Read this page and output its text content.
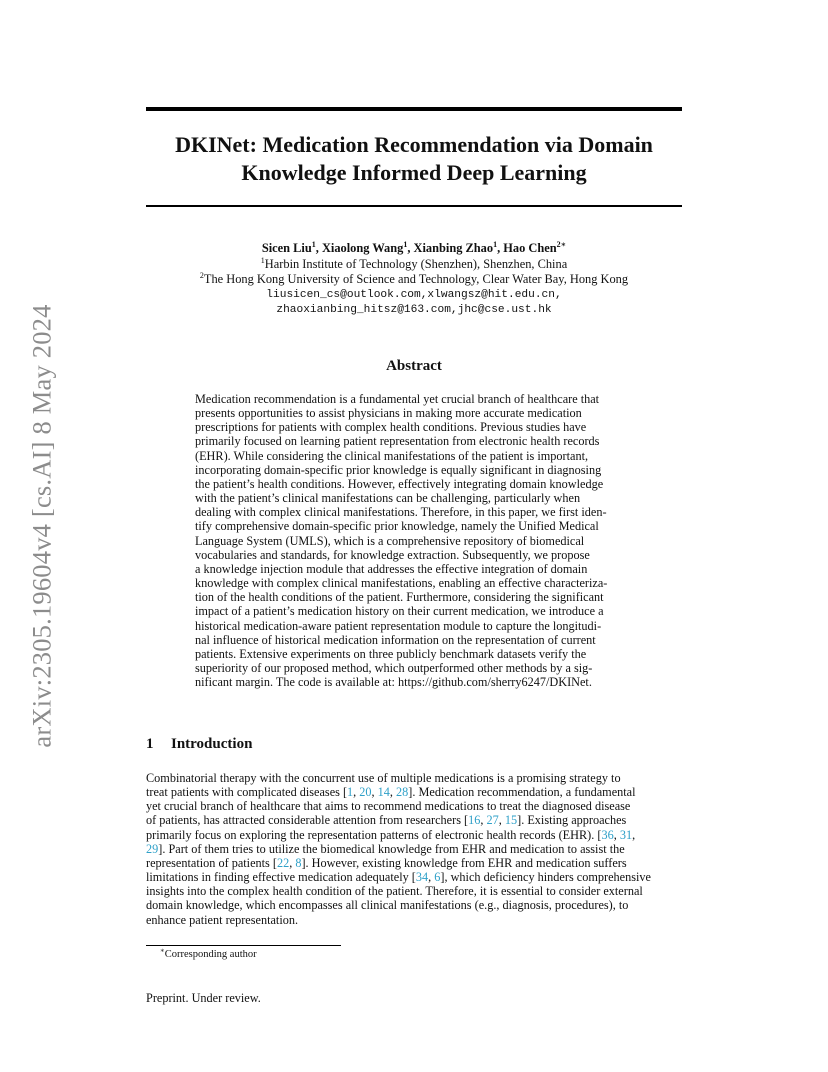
arXiv:2305.19604v4 [cs.AI] 8 May 2024
DKINet: Medication Recommendation via Domain
Knowledge Informed Deep Learning
Sicen Liu$^1$, Xiaolong Wang$^1$, Xianbing Zhao$^1$, Hao Chen$^{2∗}$
$^1$Harbin Institute of Technology (Shenzhen), Shenzhen, China
$^2$The Hong Kong University of Science and Technology, Clear Water Bay, Hong Kong
liusicen_cs@outlook.com,xlwangsz@hit.edu.cn,
zhaoxianbing_hitsz@163.com,jhc@cse.ust.hk
Abstract
Medication recommendation is a fundamental yet crucial branch of healthcare that
presents opportunities to assist physicians in making more accurate medication
prescriptions for patients with complex health conditions. Previous studies have
primarily focused on learning patient representation from electronic health records
(EHR). While considering the clinical manifestations of the patient is important,
incorporating domain-specific prior knowledge is equally significant in diagnosing
the patient’s health conditions. However, effectively integrating domain knowledge
with the patient’s clinical manifestations can be challenging, particularly when
dealing with complex clinical manifestations. Therefore, in this paper, we first iden-
tify comprehensive domain-specific prior knowledge, namely the Unified Medical
Language System (UMLS), which is a comprehensive repository of biomedical
vocabularies and standards, for knowledge extraction. Subsequently, we propose
a knowledge injection module that addresses the effective integration of domain
knowledge with complex clinical manifestations, enabling an effective characteriza-
tion of the health conditions of the patient. Furthermore, considering the significant
impact of a patient’s medication history on their current medication, we introduce a
historical medication-aware patient representation module to capture the longitudi-
nal influence of historical medication information on the representation of current
patients. Extensive experiments on three publicly benchmark datasets verify the
superiority of our proposed method, which outperformed other methods by a sig-
nificant margin. The code is available at: https://github.com/sherry6247/DKINet.
1 Introduction
Combinatorial therapy with the concurrent use of multiple medications is a promising strategy to
treat patients with complicated diseases [1, 20, 14, 28]. Medication recommendation, a fundamental
yet crucial branch of healthcare that aims to recommend medications to treat the diagnosed disease
of patients, has attracted considerable attention from researchers [16, 27, 15]. Existing approaches
primarily focus on exploring the representation patterns of electronic health records (EHR). [36, 31,
29]. Part of them tries to utilize the biomedical knowledge from EHR and medication to assist the
representation of patients [22, 8]. However, existing knowledge from EHR and medication suffers
limitations in finding effective medication adequately [34, 6], which deficiency hinders comprehensive
insights into the complex health condition of the patient. Therefore, it is essential to consider external
domain knowledge, which encompasses all clinical manifestations (e.g., diagnosis, procedures), to
enhance patient representation.
∗Corresponding author
Preprint. Under review.
